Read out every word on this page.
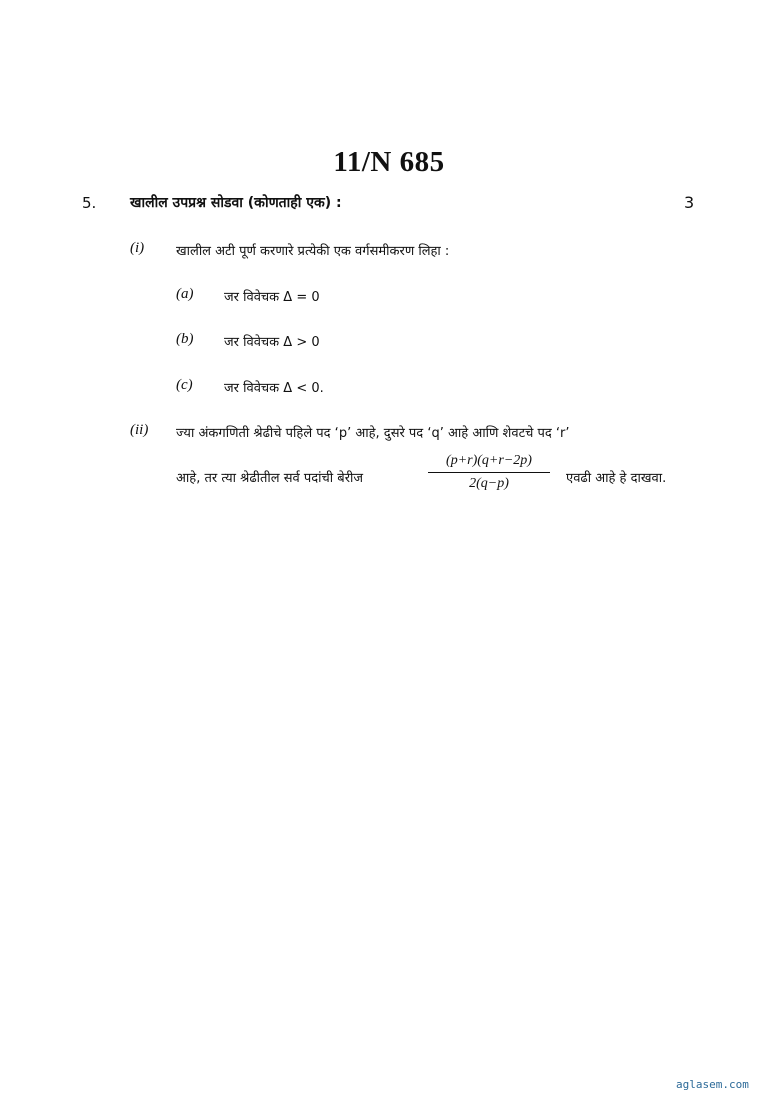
11/N 685
5. खालील उपप्रश्न सोडवा (कोणताही एक) :	3
(i) खालील अटी पूर्ण करणारे प्रत्येकी एक वर्गसमीकरण लिहा :
(a) जर विवेचक Δ = 0
(b) जर विवेचक Δ > 0
(c) जर विवेचक Δ < 0.
(ii) ज्या अंकगणिती श्रेढीचे पहिले पद ‘p’ आहे, दुसरे पद ‘q’ आहे आणि शेवटचे पद ‘r’
आहे, तर त्या श्रेढीतील सर्व पदांची बेरीज	$\frac{(p+r)(q+r-2p)}{2(q-p)}$ एवढी आहे हे दाखवा.
aglasem.com
